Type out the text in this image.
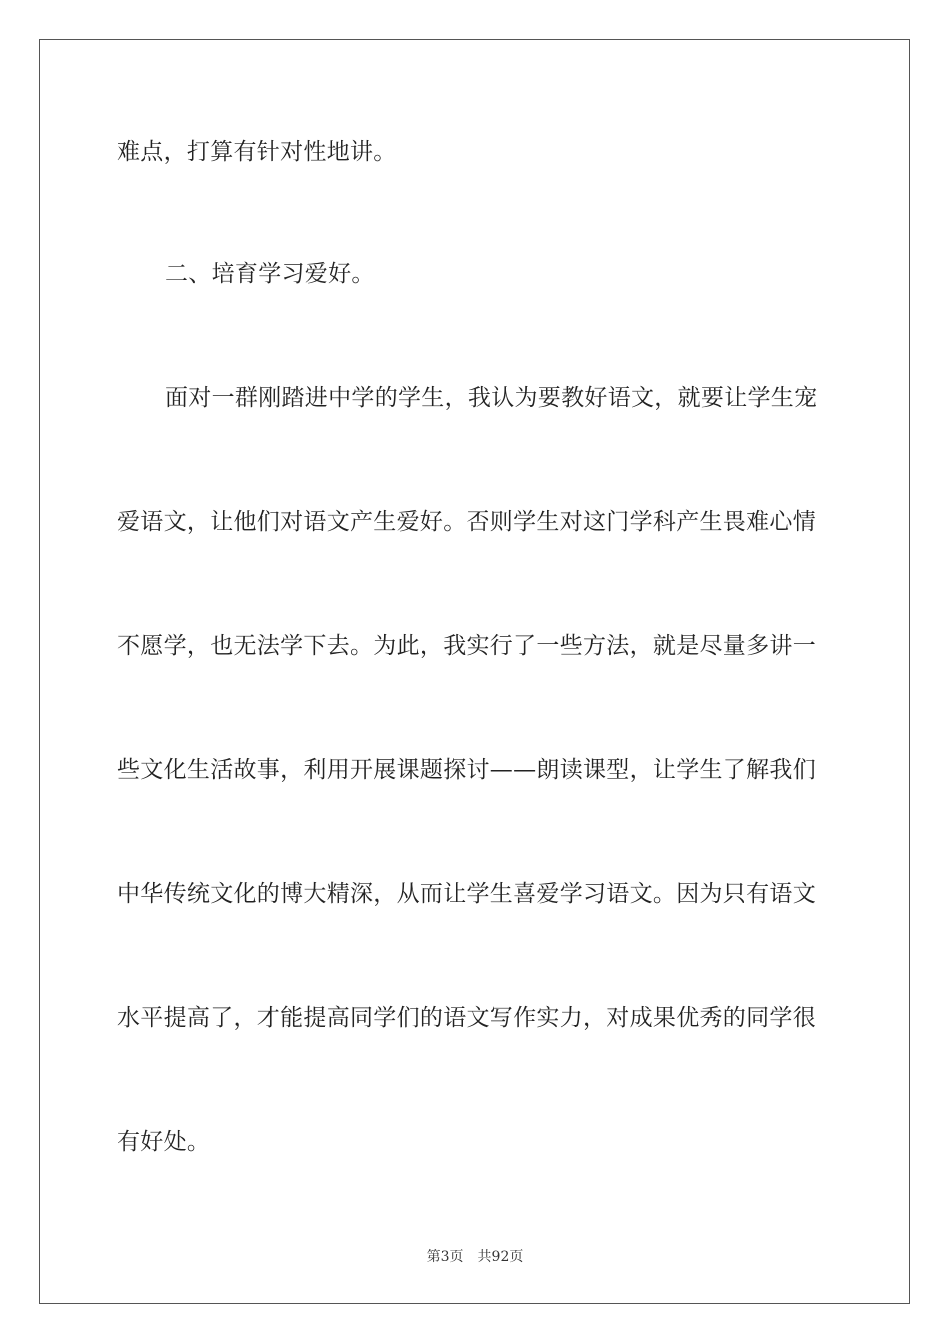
难点，打算有针对性地讲。
二、培育学习爱好。
面对一群刚踏进中学的学生，我认为要教好语文，就要让学生宠
爱语文，让他们对语文产生爱好。否则学生对这门学科产生畏难心情
不愿学，也无法学下去。为此，我实行了一些方法，就是尽量多讲一
些文化生活故事，利用开展课题探讨——朗读课型，让学生了解我们
中华传统文化的博大精深，从而让学生喜爱学习语文。因为只有语文
水平提高了，才能提高同学们的语文写作实力，对成果优秀的同学很
有好处。
第3页 共92页
